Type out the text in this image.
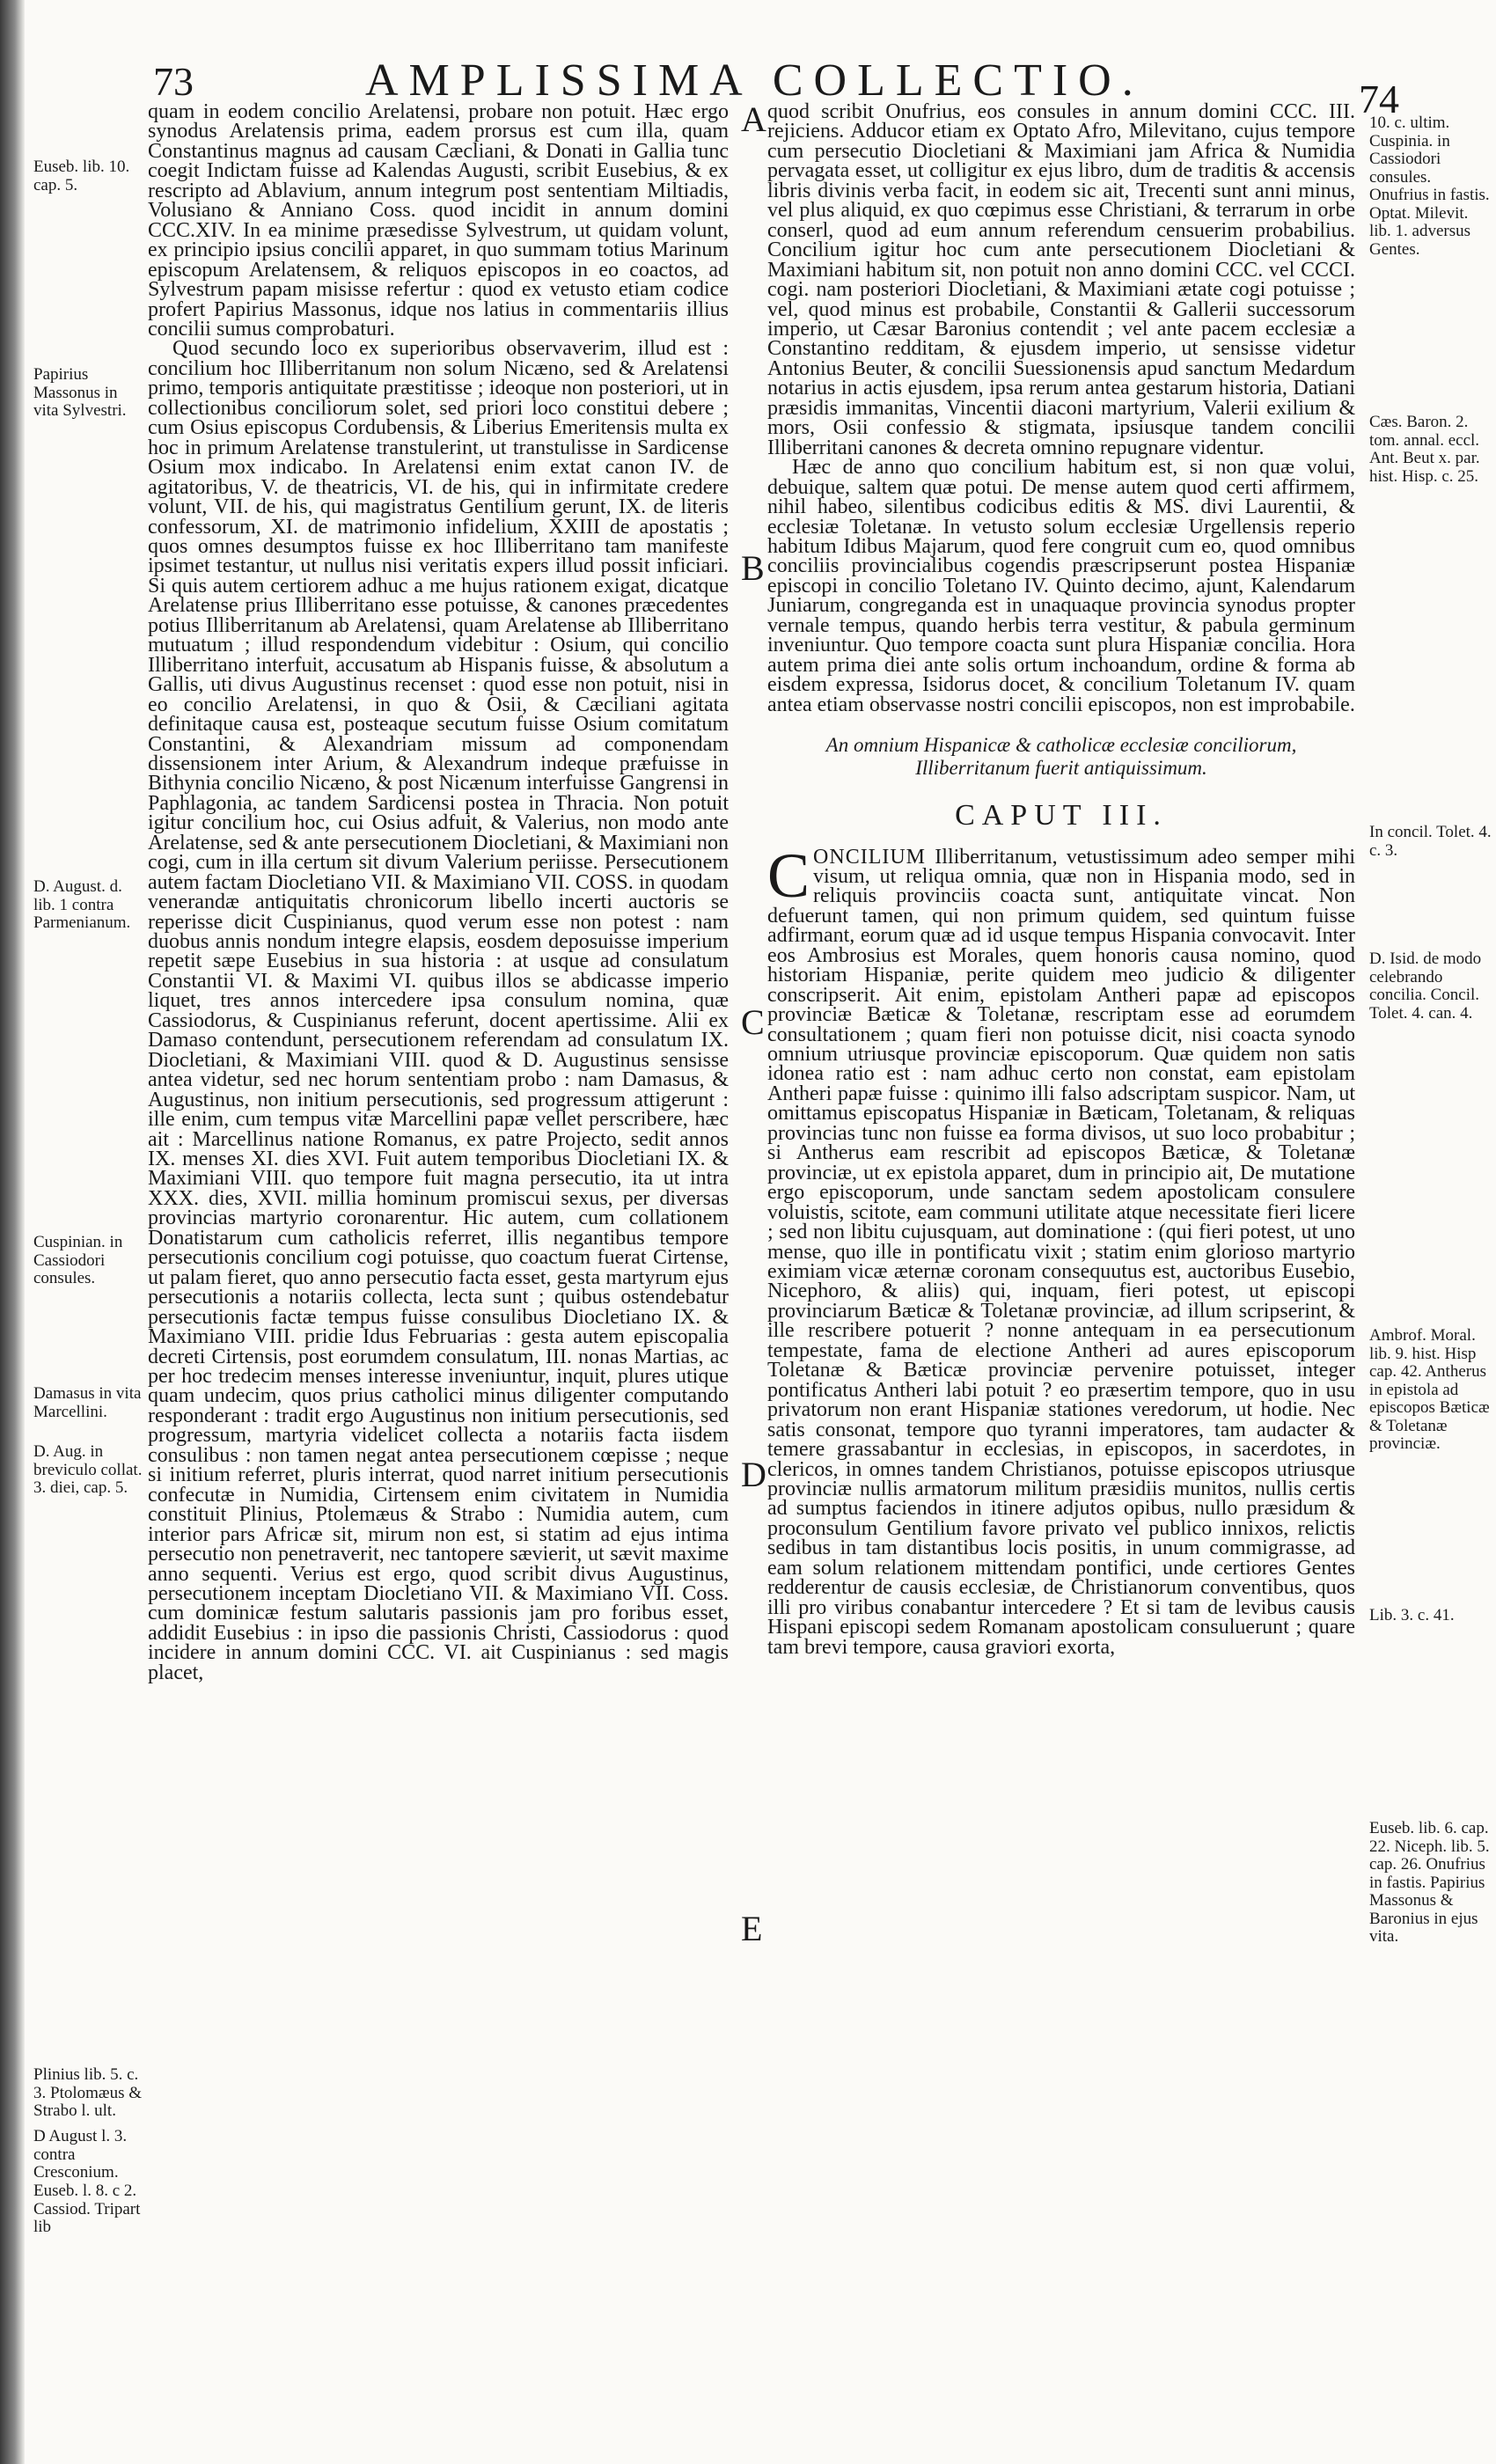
73	AMPLISSIMA COLLECTIO.	74

quam in eodem concilio Arelatensi, probare non potuit. Hæc ergo synodus Arelatensis prima, eadem prorsus est cum illa, quam Constantinus magnus ad causam Cæcliani, & Donati in Gallia tunc coegit Indictam fuisse ad Kalendas Augusti, scribit Eusebius, & ex rescripto ad Ablavium, annum integrum post sententiam Miltiadis, Volusiano & Anniano Coss. quod incidit in annum domini CCC.XIV. In ea minime præsedisse Sylvestrum, ut quidam volunt, ex principio ipsius concilii apparet, in quo summam totius Marinum episcopum Arelatensem, & reliquos episcopos in eo coactos, ad Sylvestrum papam misisse refertur : quod ex vetusto etiam codice profert Papirius Massonus, idque nos latius in commentariis illius concilii sumus comprobaturi.

Quod secundo loco ex superioribus observaverim, illud est : concilium hoc Illiberritanum non solum Nicæno, sed & Arelatensi primo, temporis antiquitate præstitisse ; ideoque non posteriori, ut in collectionibus conciliorum solet, sed priori loco constitui debere ; cum Osius episcopus Cordubensis, & Liberius Emeritensis multa ex hoc in primum Arelatense transtulerint, ut transtulisse in Sardicense Osium mox indicabo. In Arelatensi enim extat canon IV. de agitatoribus, V. de theatricis, VI. de his, qui in infirmitate credere volunt, VII. de his, qui magistratus Gentilium gerunt, IX. de literis confessorum, XI. de matrimonio infidelium, XXIII de apostatis ; quos omnes desumptos fuisse ex hoc Illiberritano tam manifeste ipsimet testantur, ut nullus nisi veritatis expers illud possit inficiari. Si quis autem certiorem adhuc a me hujus rationem exigat, dicatque Arelatense prius Illiberritano esse potuisse, & canones præcedentes potius Illiberritanum ab Arelatensi, quam Arelatense ab Illiberritano mutuatum ; illud respondendum videbitur : Osium, qui concilio Illiberritano interfuit, accusatum ab Hispanis fuisse, & absolutum a Gallis, uti divus Augustinus recenset : quod esse non potuit, nisi in eo concilio Arelatensi, in quo & Osii, & Cæciliani agitata definitaque causa est, posteaque secutum fuisse Osium comitatum Constantini, & Alexandriam missum ad componendam dissensionem inter Arium, & Alexandrum indeque præfuisse in Bithynia concilio Nicæno, & post Nicænum interfuisse Gangrensi in Paphlagonia, ac tandem Sardicensi postea in Thracia. Non potuit igitur concilium hoc, cui Osius adfuit, & Valerius, non modo ante Arelatense, sed & ante persecutionem Diocletiani, & Maximiani non cogi, cum in illa certum sit divum Valerium periisse. Persecutionem autem factam Diocletiano VII. & Maximiano VII. COSS. in quodam venerandæ antiquitatis chronicorum libello incerti auctoris se reperisse dicit Cuspinianus, quod verum esse non potest : nam duobus annis nondum integre elapsis, eosdem deposuisse imperium repetit sæpe Eusebius in sua historia : at usque ad consulatum Constantii VI. & Maximi VI. quibus illos se abdicasse imperio liquet, tres annos intercedere ipsa consulum nomina, quæ Cassiodorus, & Cuspinianus referunt, docent apertissime. Alii ex Damaso contendunt, persecutionem referendam ad consulatum IX. Diocletiani, & Maximiani VIII. quod & D. Augustinus sensisse antea videtur, sed nec horum sententiam probo : nam Damasus, & Augustinus, non initium persecutionis, sed progressum attigerunt : ille enim, cum tempus vitæ Marcellini papæ vellet perscribere, hæc ait : Marcellinus natione Romanus, ex patre Projecto, sedit annos IX. menses XI. dies XVI. Fuit autem temporibus Diocletiani IX. & Maximiani VIII. quo tempore fuit magna persecutio, ita ut intra XXX. dies, XVII. millia hominum promiscui sexus, per diversas provincias martyrio coronarentur. Hic autem, cum collationem Donatistarum cum catholicis referret, illis negantibus tempore persecutionis concilium cogi potuisse, quo coactum fuerat Cirtense, ut palam fieret, quo anno persecutio facta esset, gesta martyrum ejus persecutionis a notariis collecta, lecta sunt ; quibus ostendebatur persecutionis factæ tempus fuisse consulibus Diocletiano IX. & Maximiano VIII. pridie Idus Februarias : gesta autem episcopalia decreti Cirtensis, post eorumdem consulatum, III. nonas Martias, ac per hoc tredecim menses interesse inveniuntur, inquit, plures utique quam undecim, quos prius catholici minus diligenter computando responderant : tradit ergo Augustinus non initium persecutionis, sed progressum, martyria videlicet collecta a notariis facta iisdem consulibus : non tamen negat antea persecutionem cœpisse ; neque si initium referret, pluris interrat, quod narret initium persecutionis confecutæ in Numidia, Cirtensem enim civitatem in Numidia constituit Plinius, Ptolemæus & Strabo : Numidia autem, cum interior pars Africæ sit, mirum non est, si statim ad ejus intima persecutio non penetraverit, nec tantopere sævierit, ut sævit maxime anno sequenti. Verius est ergo, quod scribit divus Augustinus, persecutionem inceptam Diocletiano VII. & Maximiano VII. Coss. cum dominicæ festum salutaris passionis jam pro foribus esset, addidit Eusebius : in ipso die passionis Christi, Cassiodorus : quod incidere in annum domini CCC. VI. ait Cuspinianus : sed magis placet,

quod scribit Onufrius, eos consules in annum domini CCC. III. rejiciens. Adducor etiam ex Optato Afro, Milevitano, cujus tempore cum persecutio Diocletiani & Maximiani jam Africa & Numidia pervagata esset, ut colligitur ex ejus libro, dum de traditis & accensis libris divinis verba facit, in eodem sic ait, Trecenti sunt anni minus, vel plus aliquid, ex quo cœpimus esse Christiani, & terrarum in orbe conserl, quod ad eum annum referendum censuerim probabilius. Concilium igitur hoc cum ante persecutionem Diocletiani & Maximiani habitum sit, non potuit non anno domini CCC. vel CCCI. cogi. nam posteriori Diocletiani, & Maximiani ætate cogi potuisse ; vel, quod minus est probabile, Constantii & Gallerii successorum imperio, ut Cæsar Baronius contendit ; vel ante pacem ecclesiæ a Constantino redditam, & ejusdem imperio, ut sensisse videtur Antonius Beuter, & concilii Suessionensis apud sanctum Medardum notarius in actis ejusdem, ipsa rerum antea gestarum historia, Datiani præsidis immanitas, Vincentii diaconi martyrium, Valerii exilium & mors, Osii confessio & stigmata, ipsiusque tandem concilii Illiberritani canones & decreta omnino repugnare videntur.

Hæc de anno quo concilium habitum est, si non quæ volui, debuique, saltem quæ potui. De mense autem quod certi affirmem, nihil habeo, silentibus codicibus editis & MS. divi Laurentii, & ecclesiæ Toletanæ. In vetusto solum ecclesiæ Urgellensis reperio habitum Idibus Majarum, quod fere congruit cum eo, quod omnibus conciliis provincialibus cogendis præscripserunt postea Hispaniæ episcopi in concilio Toletano IV. Quinto decimo, ajunt, Kalendarum Juniarum, congreganda est in unaquaque provincia synodus propter vernale tempus, quando herbis terra vestitur, & pabula germinum inveniuntur. Quo tempore coacta sunt plura Hispaniæ concilia. Hora autem prima diei ante solis ortum inchoandum, ordine & forma ab eisdem expressa, Isidorus docet, & concilium Toletanum IV. quam antea etiam observasse nostri concilii episcopos, non est improbabile.

An omnium Hispanicæ & catholicæ ecclesiæ conciliorum, Illiberritanum fuerit antiquissimum.
CAPUT III.

CONCILIUM Illiberritanum, vetustissimum adeo semper mihi visum, ut reliqua omnia, quæ non in Hispania modo, sed in reliquis provinciis coacta sunt, antiquitate vincat. Non defuerunt tamen, qui non primum quidem, sed quintum fuisse adfirmant, eorum quæ ad id usque tempus Hispania convocavit. Inter eos Ambrosius est Morales, quem honoris causa nomino, quod historiam Hispaniæ, perite quidem meo judicio & diligenter conscripserit. Ait enim, epistolam Antheri papæ ad episcopos provinciæ Bæticæ & Toletanæ, rescriptam esse ad eorumdem consultationem ; quam fieri non potuisse dicit, nisi coacta synodo omnium utriusque provinciæ episcoporum. Quæ quidem non satis idonea ratio est : nam adhuc certo non constat, eam epistolam Antheri papæ fuisse : quinimo illi falso adscriptam suspicor. Nam, ut omittamus episcopatus Hispaniæ in Bæticam, Toletanam, & reliquas provincias tunc non fuisse ea forma divisos, ut suo loco probabitur ; si Antherus eam rescribit ad episcopos Bæticæ, & Toletanæ provinciæ, ut ex epistola apparet, dum in principio ait, De mutatione ergo episcoporum, unde sanctam sedem apostolicam consulere voluistis, scitote, eam communi utilitate atque necessitate fieri licere ; sed non libitu cujusquam, aut dominatione : (qui fieri potest, ut uno mense, quo ille in pontificatu vixit ; statim enim glorioso martyrio eximiam vicæ æternæ coronam consequutus est, auctoribus Eusebio, Nicephoro, & aliis) qui, inquam, fieri potest, ut episcopi provinciarum Bæticæ & Toletanæ provinciæ, ad illum scripserint, & ille rescribere potuerit ? nonne antequam in ea persecutionum tempestate, fama de electione Antheri ad aures episcoporum Toletanæ & Bæticæ provinciæ pervenire potuisset, integer pontificatus Antheri labi potuit ? eo præsertim tempore, quo in usu privatorum non erant Hispaniæ stationes veredorum, ut hodie. Nec satis consonat, tempore quo tyranni imperatores, tam audacter & temere grassabantur in ecclesias, in episcopos, in sacerdotes, in clericos, in omnes tandem Christianos, potuisse episcopos utriusque provinciæ nullis armatorum militum præsidiis munitos, nullis certis ad sumptus faciendos in itinere adjutos opibus, nullo præsidum & proconsulum Gentilium favore privato vel publico innixos, relictis sedibus in tam distantibus locis positis, in unum commigrasse, ad eam solum relationem mittendam pontifici, unde certiores Gentes redderentur de causis ecclesiæ, de Christianorum conventibus, quos illi pro viribus conabantur intercedere ? Et si tam de levibus causis Hispani episcopi sedem Romanam apostolicam consuluerunt ; quare tam brevi tempore, causa graviori exorta,

A
B
C
D
E
Euseb. lib. 10. cap. 5.
Papirius Massonus in vita Sylvestri.
D. August. d. lib. 1 contra Parmenianum.
Cuspinian. in Cassiodori consules.
Damasus in vita Marcellini.
D. Aug. in breviculo collat. 3. diei, cap. 5.
Plinius lib. 5. c. 3. Ptolomæus & Strabo l. ult.
D August l. 3. contra Cresconium.
Euseb. l. 8. c 2. Cassiod. Tripart lib
10. c. ultim. Cuspinia. in Cassiodori consules. Onufrius in fastis. Optat. Milevit. lib. 1. adversus Gentes.
Cæs. Baron. 2. tom. annal. eccl. Ant. Beut x. par. hist. Hisp. c. 25.
In concil. Tolet. 4. c. 3.
D. Isid. de modo celebrando concilia. Concil. Tolet. 4. can. 4.
Ambrof. Moral. lib. 9. hist. Hisp cap. 42. Antherus in epistola ad episcopos Bæticæ & Toletanæ provinciæ.
Lib. 3. c. 41.
Euseb. lib. 6. cap. 22. Niceph. lib. 5. cap. 26. Onufrius in fastis. Papirius Massonus & Baronius in ejus vita.
